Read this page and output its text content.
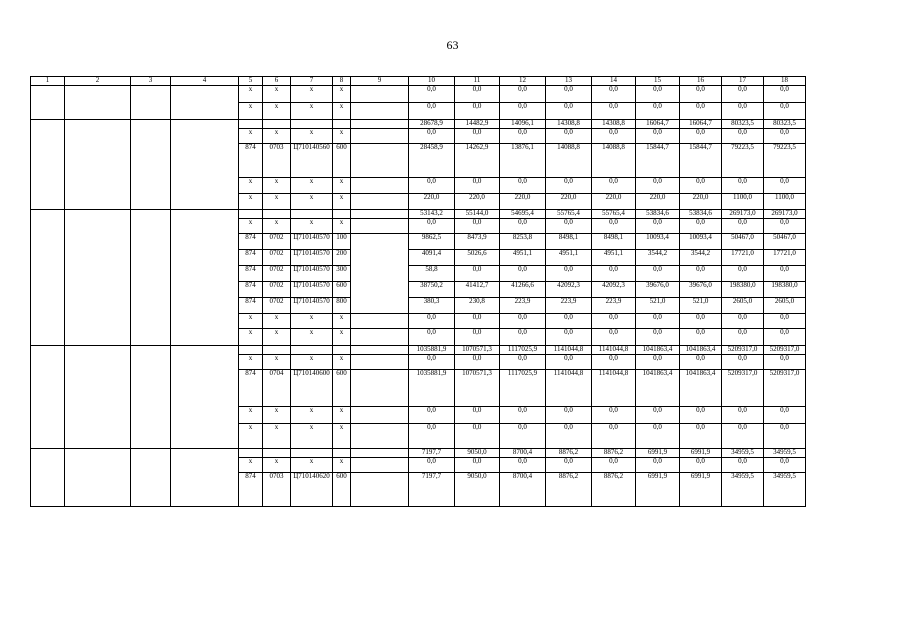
63
1	2	3	4	5	6	7	8	9	10	11	12	13	14	15	16	17	18
				х	х	х	х		0,0	0,0	0,0	0,0	0,0	0,0	0,0	0,0	0,0
				х	х	х	х		0,0	0,0	0,0	0,0	0,0	0,0	0,0	0,0	0,0
									28678,9	14482,9	14096,1	14308,8	14308,8	16064,7	16064,7	80323,5	80323,5
				х	х	х	х		0,0	0,0	0,0	0,0	0,0	0,0	0,0	0,0	0,0
				874	0703	Ц710140560	600		28458,9	14262,9	13876,1	14088,8	14088,8	15844,7	15844,7	79223,5	79223,5
				х	х	х	х		0,0	0,0	0,0	0,0	0,0	0,0	0,0	0,0	0,0
				х	х	х	х		220,0	220,0	220,0	220,0	220,0	220,0	220,0	1100,0	1100,0
									53143,2	55144,0	54695,4	55765,4	55765,4	53834,6	53834,6	269173,0	269173,0
				х	х	х	х		0,0	0,0	0,0	0,0	0,0	0,0	0,0	0,0	0,0
				874	0702	Ц710140570	100		9862,5	8473,9	8253,8	8498,1	8498,1	10093,4	10093,4	50467,0	50467,0
				874	0702	Ц710140570	200		4091,4	5026,6	4951,1	4951,1	4951,1	3544,2	3544,2	17721,0	17721,0
				874	0702	Ц710140570	300		58,8	0,0	0,0	0,0	0,0	0,0	0,0	0,0	0,0
				874	0702	Ц710140570	600		38750,2	41412,7	41266,6	42092,3	42092,3	39676,0	39676,0	198380,0	198380,0
				874	0702	Ц710140570	800		380,3	230,8	223,9	223,9	223,9	521,0	521,0	2605,0	2605,0
				х	х	х	х		0,0	0,0	0,0	0,0	0,0	0,0	0,0	0,0	0,0
				х	х	х	х		0,0	0,0	0,0	0,0	0,0	0,0	0,0	0,0	0,0
									1035881,9	1070571,3	1117025,9	1141044,8	1141044,8	1041863,4	1041863,4	5209317,0	5209317,0
				х	х	х	х		0,0	0,0	0,0	0,0	0,0	0,0	0,0	0,0	0,0
				874	0704	Ц710140600	600		1035881,9	1070571,3	1117025,9	1141044,8	1141044,8	1041863,4	1041863,4	5209317,0	5209317,0
				х	х	х	х		0,0	0,0	0,0	0,0	0,0	0,0	0,0	0,0	0,0
				х	х	х	х		0,0	0,0	0,0	0,0	0,0	0,0	0,0	0,0	0,0
									7197,7	9050,0	8700,4	8876,2	8876,2	6991,9	6991,9	34959,5	34959,5
				х	х	х	х		0,0	0,0	0,0	0,0	0,0	0,0	0,0	0,0	0,0
				874	0703	Ц710140620	600		7197,7	9050,0	8700,4	8876,2	8876,2	6991,9	6991,9	34959,5	34959,5
